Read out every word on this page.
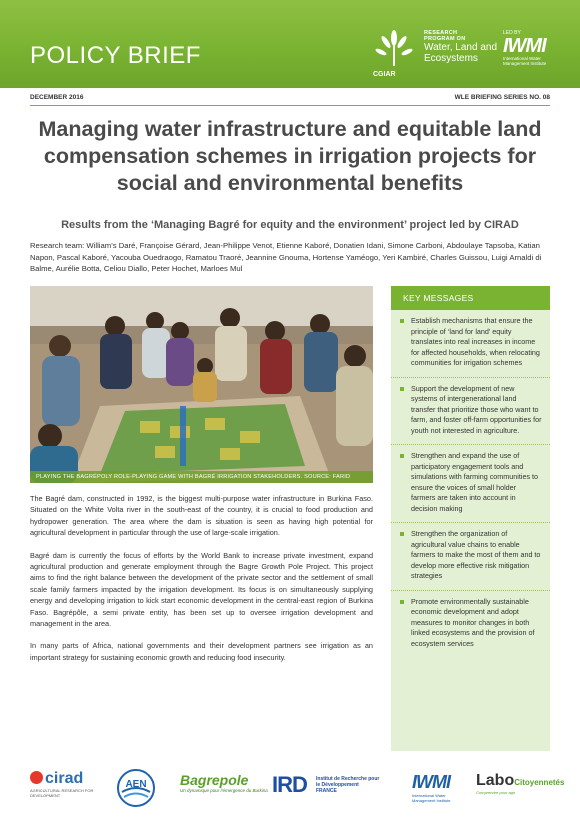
POLICY BRIEF
CGIAR
RESEARCH
PROGRAM ON
Water, Land and
Ecosystems
LED BY
IWMI
International Water Management Institute
DECEMBER 2016	WLE BRIEFING SERIES NO. 08
Managing water infrastructure and equitable land compensation schemes in irrigation projects for social and environmental benefits
Results from the ‘Managing Bagré for equity and the environment’ project led by CIRAD
Research team: William’s Daré, Françoise Gérard, Jean-Philippe Venot, Etienne Kaboré, Donatien Idani, Simone Carboni, Abdoulaye Tapsoba, Katian Napon, Pascal Kaboré, Yacouba Ouedraogo, Ramatou Traoré, Jeannine Gnouma, Hortense Yaméogo, Yeri Kambiré, Charles Guissou, Luigi Arnaldi di Balme, Aurélie Botta, Celiou Diallo, Peter Hochet, Marloes Mul
PLAYING THE BAGRÉPOLY ROLE-PLAYING GAME WITH BAGRÉ IRRIGATION STAKEHOLDERS. SOURCE: FARID TRAORÉ

The Bagré dam, constructed in 1992, is the biggest multi-purpose water infrastructure in Burkina Faso. Situated on the White Volta river in the south-east of the country, it is crucial to food production and hydropower generation. The area where the dam is situation is seen as having high potential for agricultural development in particular through the use of large-scale irrigation.

Bagré dam is currently the focus of efforts by the World Bank to increase private investment, expand agricultural production and generate employment through the Bagre Growth Pole Project. This project aims to find the right balance between the development of the private sector and the settlement of small scale family farmers impacted by the irrigation development. Its focus is on simultaneously supplying energy and developing irrigation to kick start economic development in the central-east region of Burkina Faso. Bagrépôle, a semi private entity, has been set up to oversee irrigation development and management in the area.

In many parts of Africa, national governments and their development partners see irrigation as an important strategy for sustaining economic growth and reducing food insecurity.

KEY MESSAGES
Establish mechanisms that ensure the principle of ‘land for land’ equity translates into real increases in income for affected households, when relocating communities for irrigation schemes
Support the development of new systems of intergenerational land transfer that prioritize those who want to farm, and foster off-farm opportunities for youth not interested in agriculture.
Strengthen and expand the use of participatory engagement tools and simulations with farming communities to ensure the voices of small holder farmers are taken into account in decision making
Strengthen the organization of agricultural value chains to enable farmers to make the most of them and to develop more effective risk mitigation strategies
Promote environmentally sustainable economic development and adopt measures to monitor changes in both linked ecosystems and the provision of ecosystem services
cirad
AGRICULTURAL RESEARCH FOR DEVELOPMENT
AEN Bagrepole
Un dynamique pour l’émergence du Burkina IRD Institut de Recherche pour le Développement FRANCE	IWMI
International Water Management Institute
LaboCitoyennetés
Comprendre pour agir
